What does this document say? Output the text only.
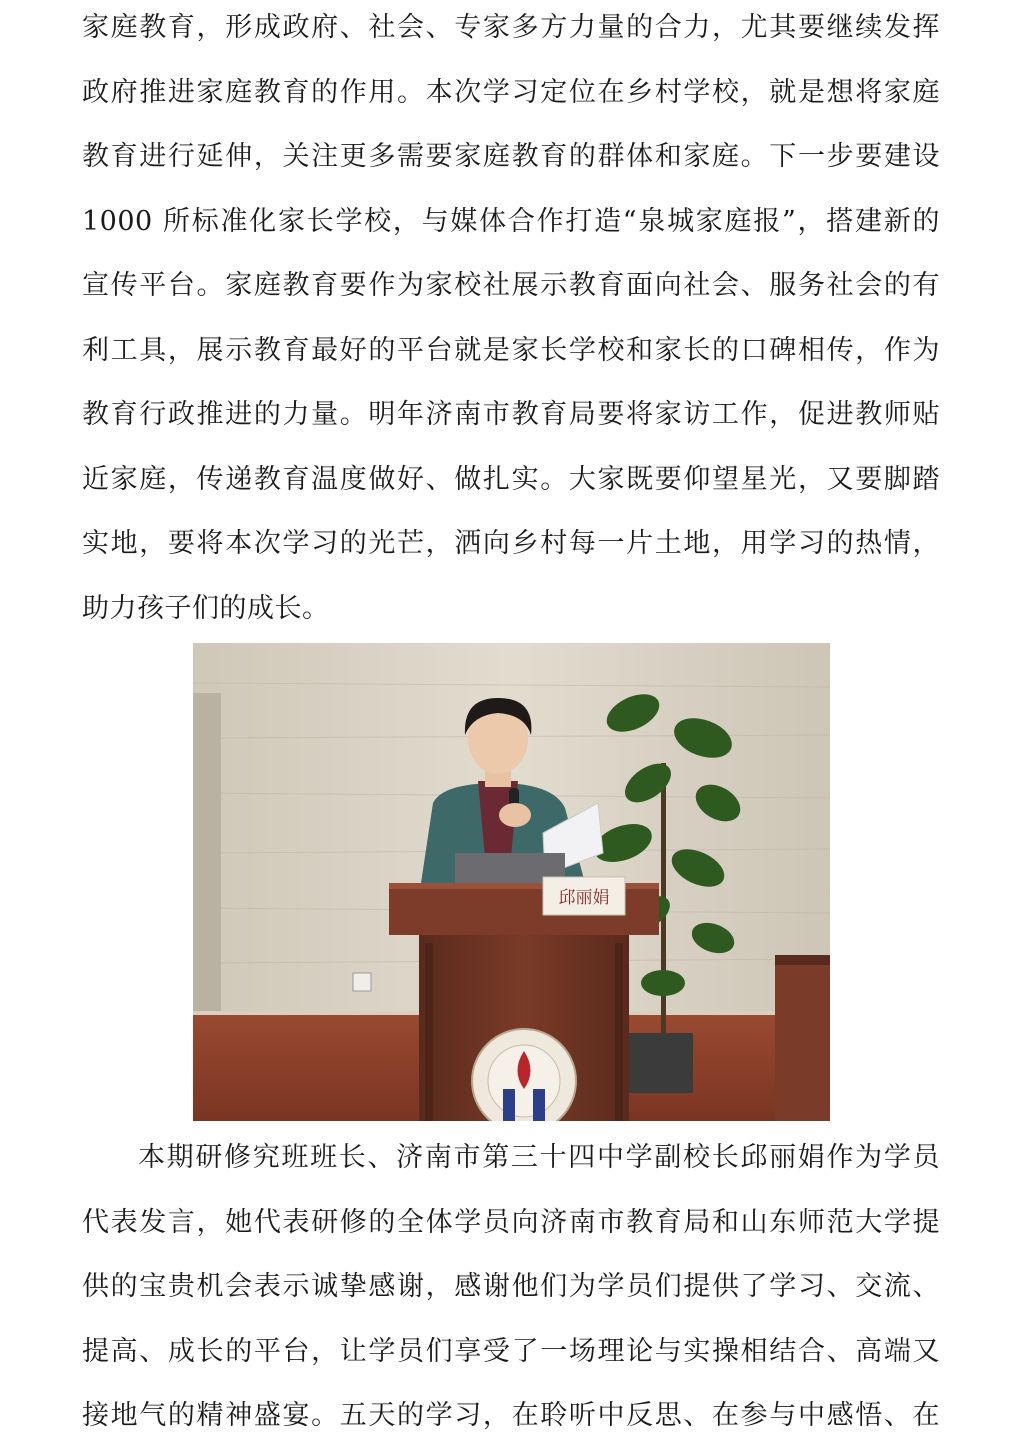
家庭教育，形成政府、社会、专家多方力量的合力，尤其要继续发挥
政府推进家庭教育的作用。本次学习定位在乡村学校，就是想将家庭
教育进行延伸，关注更多需要家庭教育的群体和家庭。下一步要建设
1000 所标准化家长学校，与媒体合作打造“泉城家庭报”，搭建新的
宣传平台。家庭教育要作为家校社展示教育面向社会、服务社会的有
利工具，展示教育最好的平台就是家长学校和家长的口碑相传，作为
教育行政推进的力量。明年济南市教育局要将家访工作，促进教师贴
近家庭，传递教育温度做好、做扎实。大家既要仰望星光，又要脚踏
实地，要将本次学习的光芒，洒向乡村每一片土地，用学习的热情，
助力孩子们的成长。
邱丽娟
本期研修究班班长、济南市第三十四中学副校长邱丽娟作为学员
代表发言，她代表研修的全体学员向济南市教育局和山东师范大学提
供的宝贵机会表示诚挚感谢，感谢他们为学员们提供了学习、交流、
提高、成长的平台，让学员们享受了一场理论与实操相结合、高端又
接地气的精神盛宴。五天的学习，在聆听中反思、在参与中感悟、在
